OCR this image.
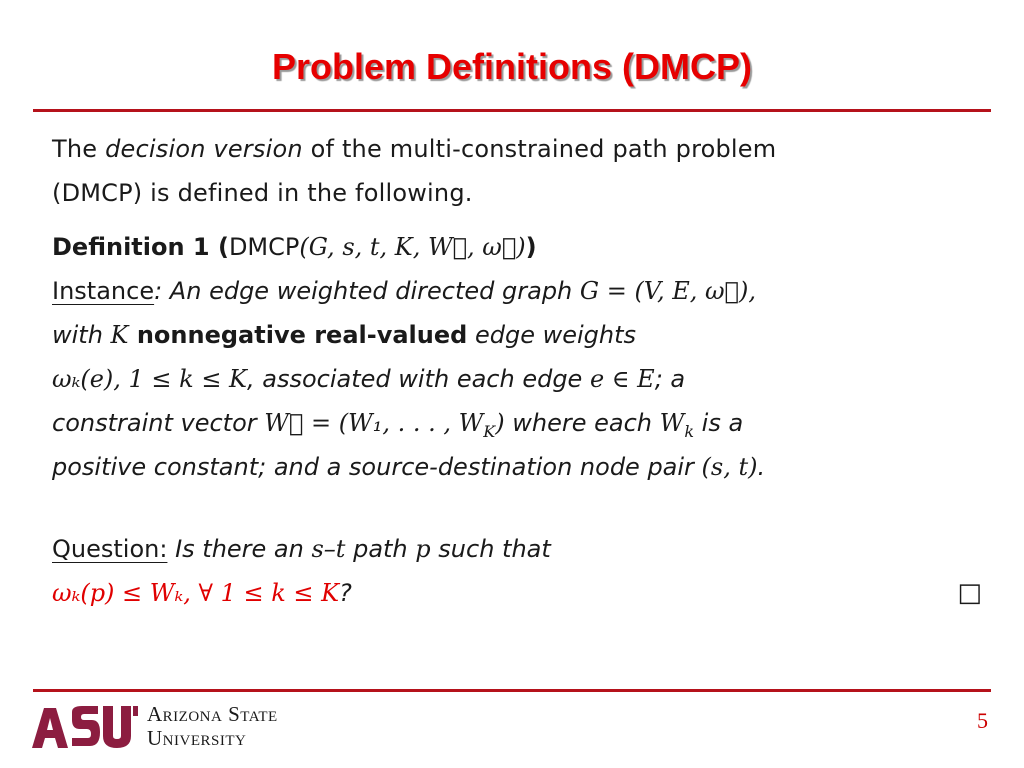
Problem Definitions (DMCP)
The decision version of the multi-constrained path problem
(DMCP) is defined in the following.
Definition 1 (DMCP(G, s, t, K, W⃗, ω⃗))
Instance: An edge weighted directed graph G = (V, E, ω⃗),
with K nonnegative real-valued edge weights
ωₖ(e), 1 ≤ k ≤ K, associated with each edge e ∈ E; a
constraint vector W⃗ = (W₁, . . . , $W_K$) where each $W_k$ is a
positive constant; and a source-destination node pair (s, t).
Question: Is there an s–t path p such that
ωₖ(p) ≤ Wₖ, ∀ 1 ≤ k ≤ K?	□
Arizona State
University
5
